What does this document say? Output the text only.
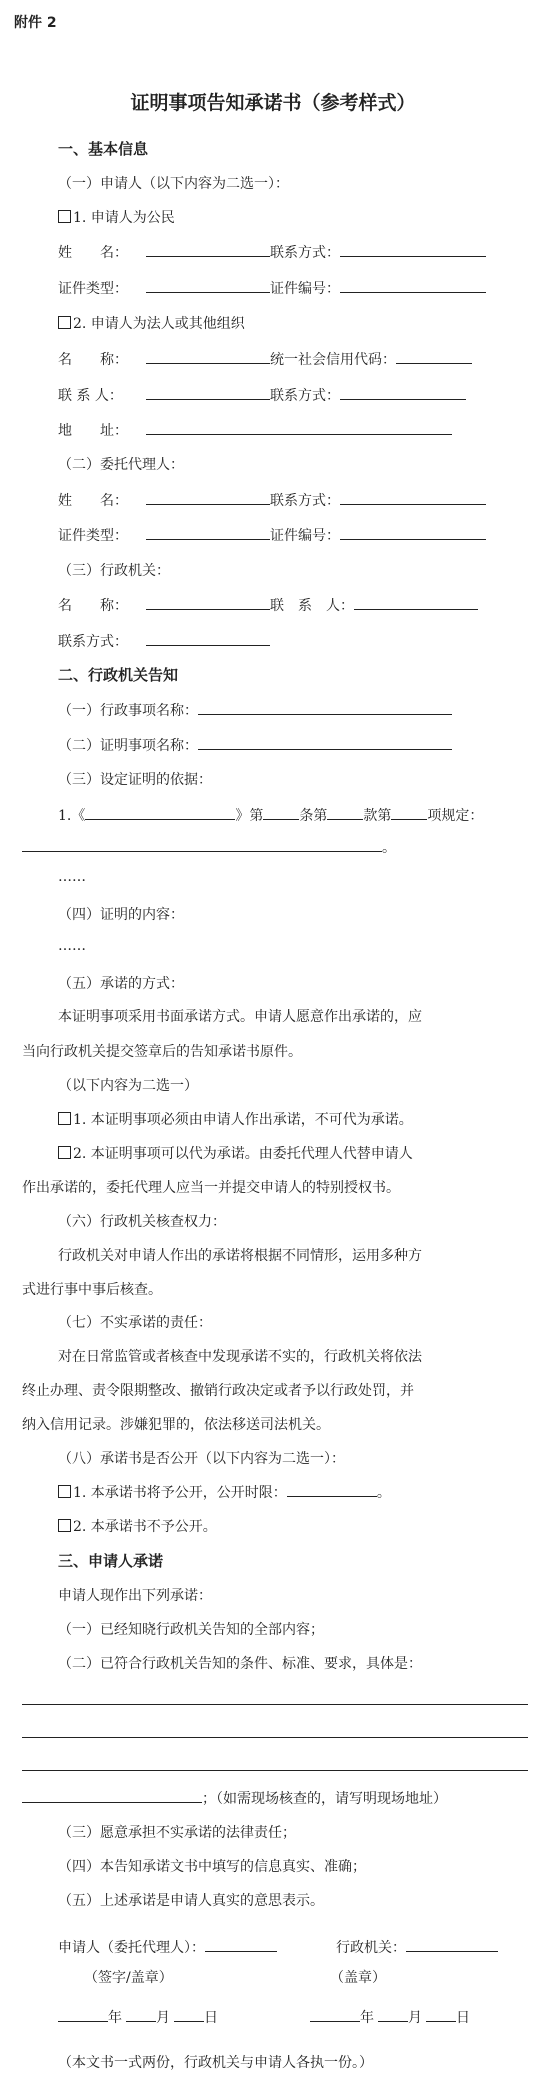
附件 2
证明事项告知承诺书（参考样式）
一、基本信息
（一）申请人（以下内容为二选一）：
1. 申请人为公民
姓　　名：	联系方式：
证件类型：	证件编号：
2. 申请人为法人或其他组织
名　　称：	统一社会信用代码：
联 系 人：	联系方式：
地　　址：
（二）委托代理人：
姓　　名：	联系方式：
证件类型：	证件编号：
（三）行政机关：
名　　称：	联　系　人：
联系方式：
二、行政机关告知
（一）行政事项名称：
（二）证明事项名称：
（三）设定证明的依据：
1.《	》第	条第	款第	项规定：
。
……
（四）证明的内容：
……
（五）承诺的方式：
本证明事项采用书面承诺方式。申请人愿意作出承诺的，应
当向行政机关提交签章后的告知承诺书原件。
（以下内容为二选一）
1. 本证明事项必须由申请人作出承诺，不可代为承诺。
2. 本证明事项可以代为承诺。由委托代理人代替申请人
作出承诺的，委托代理人应当一并提交申请人的特别授权书。
（六）行政机关核查权力：
行政机关对申请人作出的承诺将根据不同情形，运用多种方
式进行事中事后核查。
（七）不实承诺的责任：
对在日常监管或者核查中发现承诺不实的，行政机关将依法
终止办理、责令限期整改、撤销行政决定或者予以行政处罚，并
纳入信用记录。涉嫌犯罪的，依法移送司法机关。
（八）承诺书是否公开（以下内容为二选一）：
1. 本承诺书将予公开，公开时限：	。
2. 本承诺书不予公开。
三、申请人承诺
申请人现作出下列承诺：
（一）已经知晓行政机关告知的全部内容；
（二）已符合行政机关告知的条件、标准、要求，具体是：
；（如需现场核查的，请写明现场地址）
（三）愿意承担不实承诺的法律责任；
（四）本告知承诺文书中填写的信息真实、准确；
（五）上述承诺是申请人真实的意思表示。
申请人（委托代理人）：	行政机关：
（签字/盖章）	（盖章）
年 月 日	年 月 日
（本文书一式两份，行政机关与申请人各执一份。）
